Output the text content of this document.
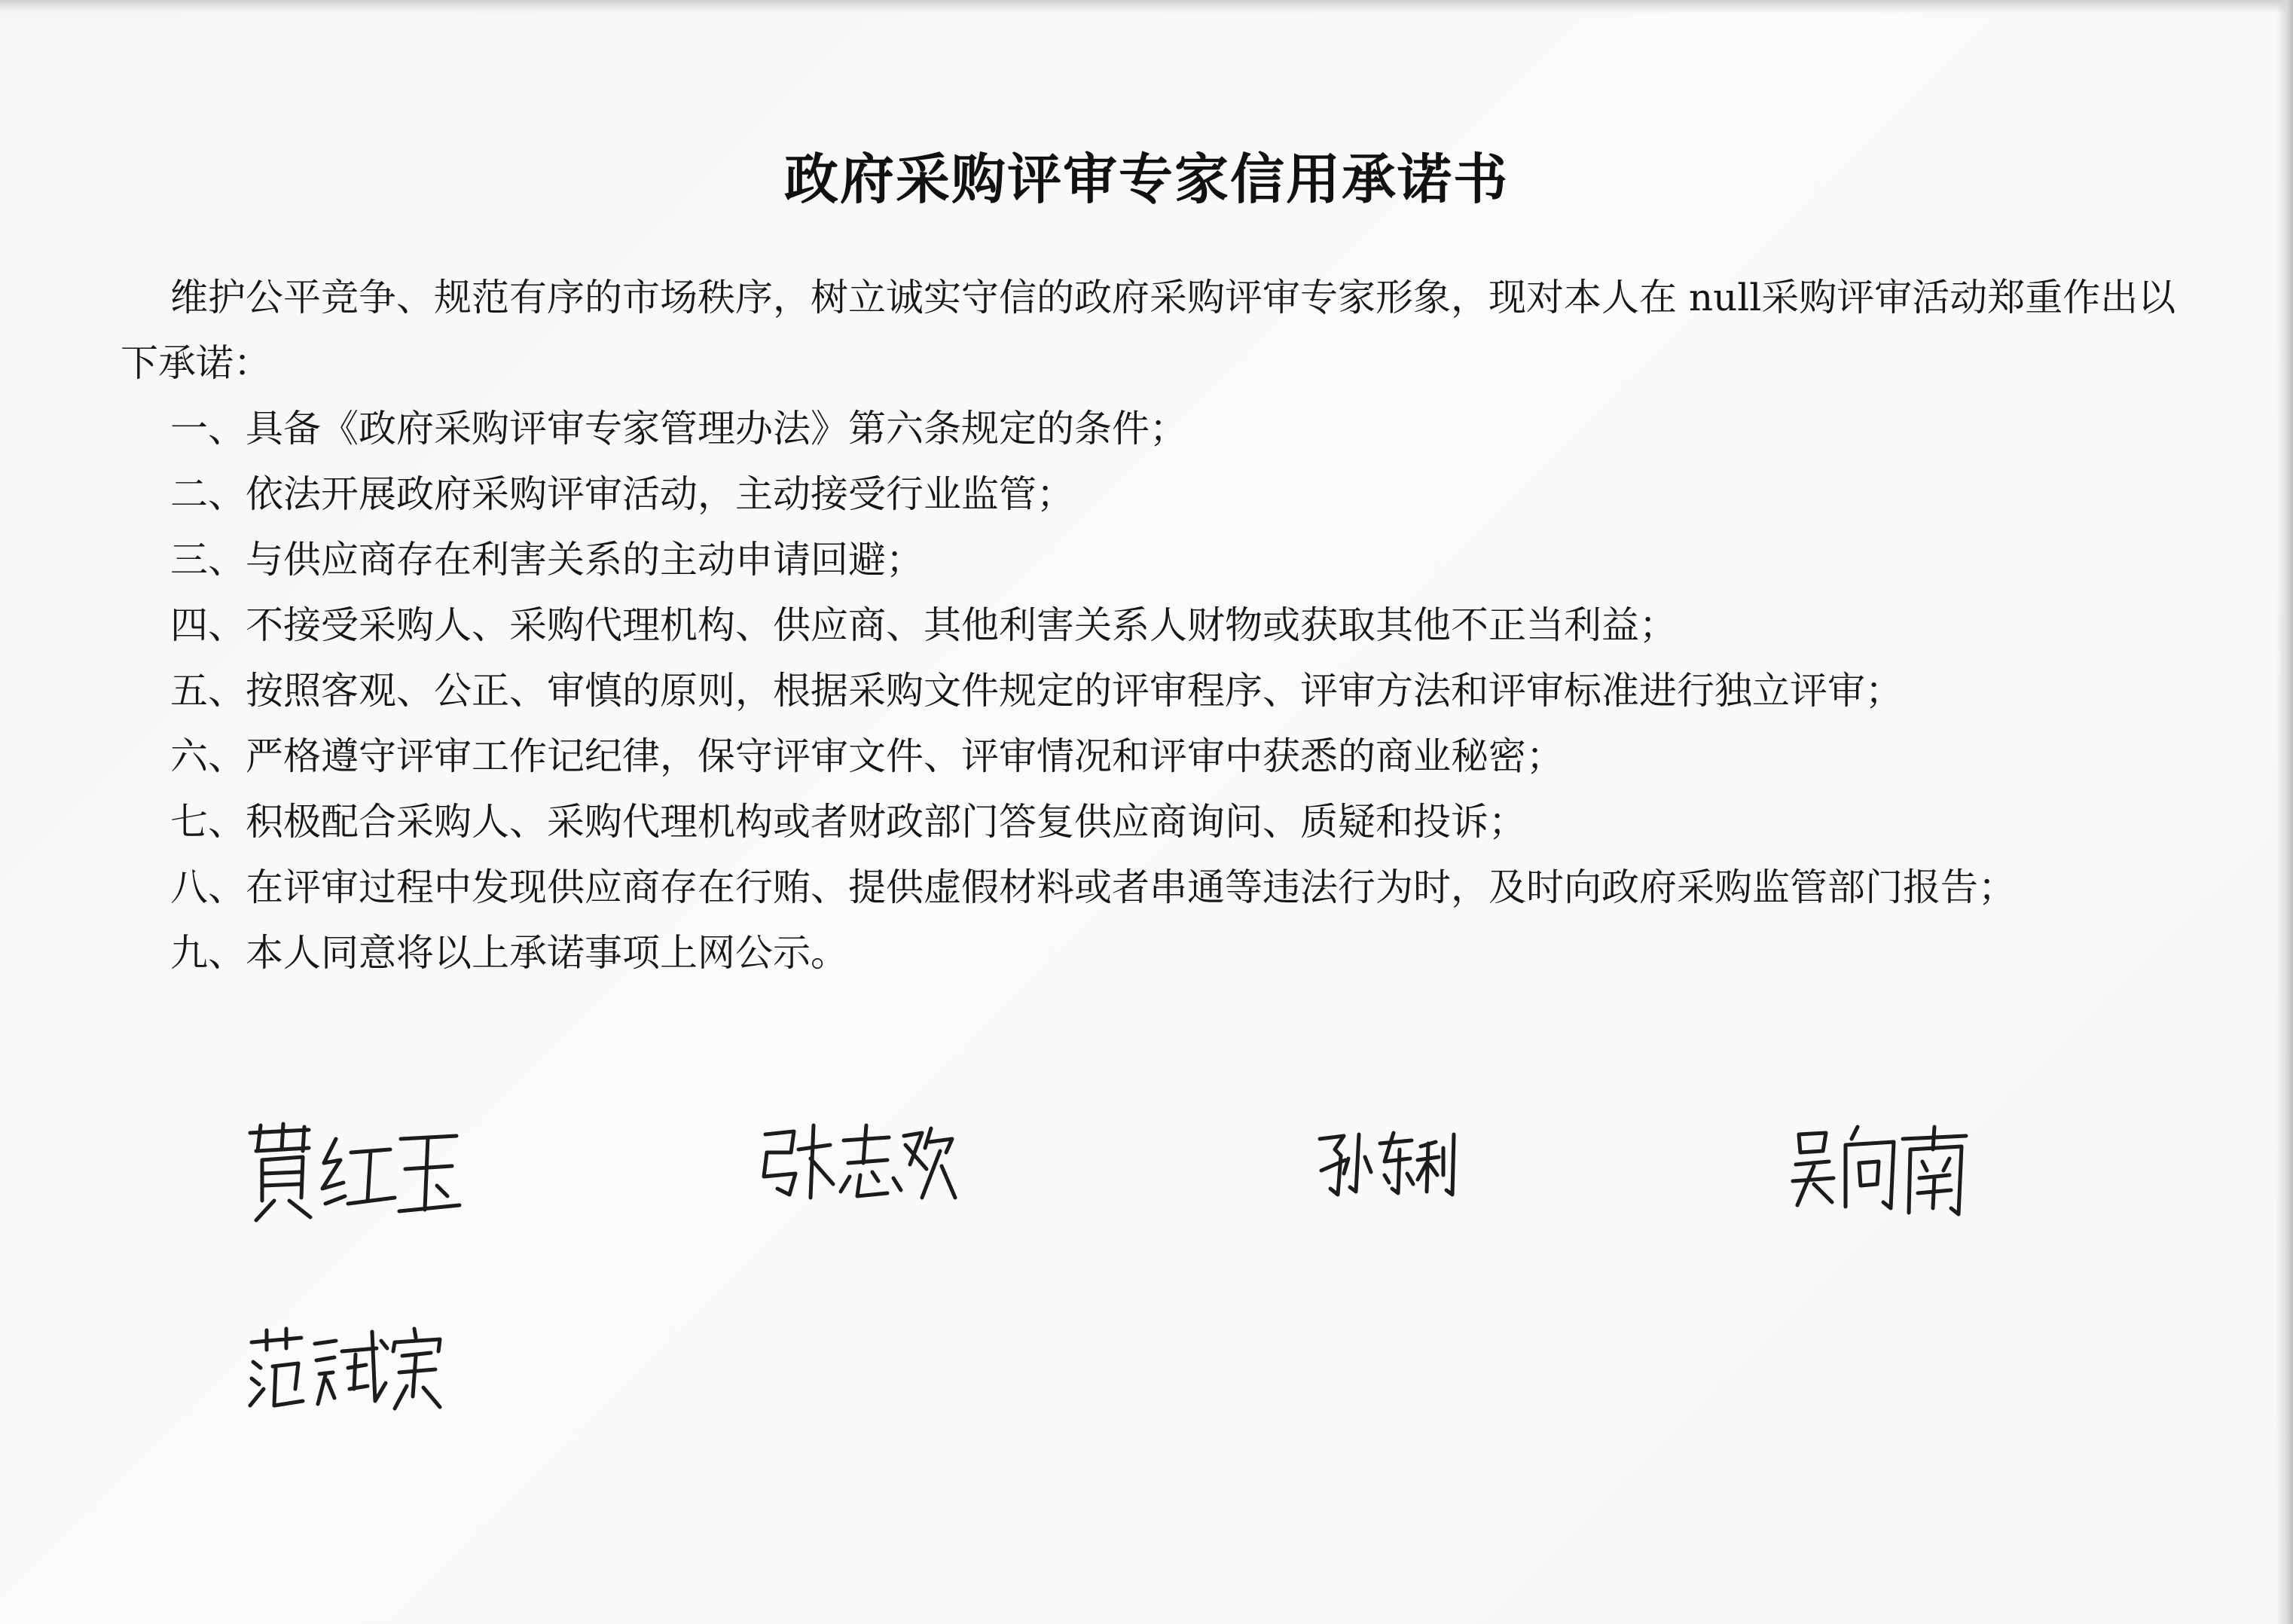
政府采购评审专家信用承诺书

维护公平竞争、规范有序的市场秩序，树立诚实守信的政府采购评审专家形象，现对本人在 null采购评审活动郑重作出以下承诺：

一、具备《政府采购评审专家管理办法》第六条规定的条件；
二、依法开展政府采购评审活动，主动接受行业监管；
三、与供应商存在利害关系的主动申请回避；
四、不接受采购人、采购代理机构、供应商、其他利害关系人财物或获取其他不正当利益；
五、按照客观、公正、审慎的原则，根据采购文件规定的评审程序、评审方法和评审标准进行独立评审；
六、严格遵守评审工作记纪律，保守评审文件、评审情况和评审中获悉的商业秘密；
七、积极配合采购人、采购代理机构或者财政部门答复供应商询问、质疑和投诉；
八、在评审过程中发现供应商存在行贿、提供虚假材料或者串通等违法行为时，及时向政府采购监管部门报告；
九、本人同意将以上承诺事项上网公示。
